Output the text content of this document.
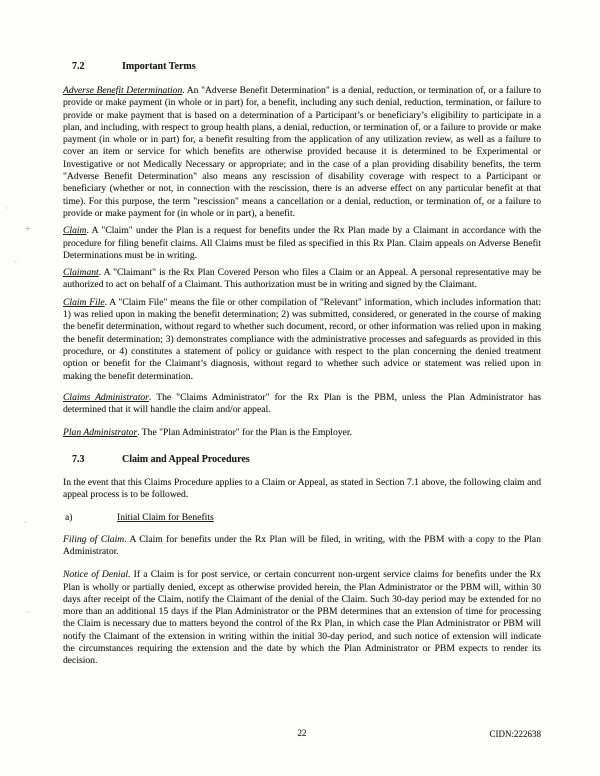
+
7.2	Important Terms

Adverse Benefit Determination. An "Adverse Benefit Determination" is a denial, reduction, or termination of, or a failure to provide or make payment (in whole or in part) for, a benefit, including any such denial, reduction, termination, or failure to provide or make payment that is based on a determination of a Participant’s or beneficiary’s eligibility to participate in a plan, and including, with respect to group health plans, a denial, reduction, or termination of, or a failure to provide or make payment (in whole or in part) for, a benefit resulting from the application of any utilization review, as well as a failure to cover an item or service for which benefits are otherwise provided because it is determined to be Experimental or Investigative or not Medically Necessary or appropriate; and in the case of a plan providing disability benefits, the term "Adverse Benefit Determination" also means any rescission of disability coverage with respect to a Participant or beneficiary (whether or not, in connection with the rescission, there is an adverse effect on any particular benefit at that time). For this purpose, the term "rescission" means a cancellation or a denial, reduction, or termination of, or a failure to provide or make payment for (in whole or in part), a benefit.

Claim. A "Claim" under the Plan is a request for benefits under the Rx Plan made by a Claimant in accordance with the procedure for filing benefit claims. All Claims must be filed as specified in this Rx Plan. Claim appeals on Adverse Benefit Determinations must be in writing.

Claimant. A "Claimant" is the Rx Plan Covered Person who files a Claim or an Appeal. A personal representative may be authorized to act on behalf of a Claimant. This authorization must be in writing and signed by the Claimant.

Claim File. A "Claim File" means the file or other compilation of "Relevant" information, which includes information that: 1) was relied upon in making the benefit determination; 2) was submitted, considered, or generated in the course of making the benefit determination, without regard to whether such document, record, or other information was relied upon in making the benefit determination; 3) demonstrates compliance with the administrative processes and safeguards as provided in this procedure, or 4) constitutes a statement of policy or guidance with respect to the plan concerning the denied treatment option or benefit for the Claimant’s diagnosis, without regard to whether such advice or statement was relied upon in making the benefit determination.

Claims Administrator. The "Claims Administrator" for the Rx Plan is the PBM, unless the Plan Administrator has determined that it will handle the claim and/or appeal.

Plan Administrator. The "Plan Administrator" for the Plan is the Employer.

7.3	Claim and Appeal Procedures

In the event that this Claims Procedure applies to a Claim or Appeal, as stated in Section 7.1 above, the following claim and appeal process is to be followed.

a)	Initial Claim for Benefits

Filing of Claim. A Claim for benefits under the Rx Plan will be filed, in writing, with the PBM with a copy to the Plan Administrator.

Notice of Denial. If a Claim is for post service, or certain concurrent non-urgent service claims for benefits under the Rx Plan is wholly or partially denied, except as otherwise provided herein, the Plan Administrator or the PBM will, within 30 days after receipt of the Claim, notify the Claimant of the denial of the Claim. Such 30-day period may be extended for no more than an additional 15 days if the Plan Administrator or the PBM determines that an extension of time for processing the Claim is necessary due to matters beyond the control of the Rx Plan, in which case the Plan Administrator or PBM will notify the Claimant of the extension in writing within the initial 30-day period, and such notice of extension will indicate the circumstances requiring the extension and the date by which the Plan Administrator or PBM expects to render its decision.

22	CIDN:222638
